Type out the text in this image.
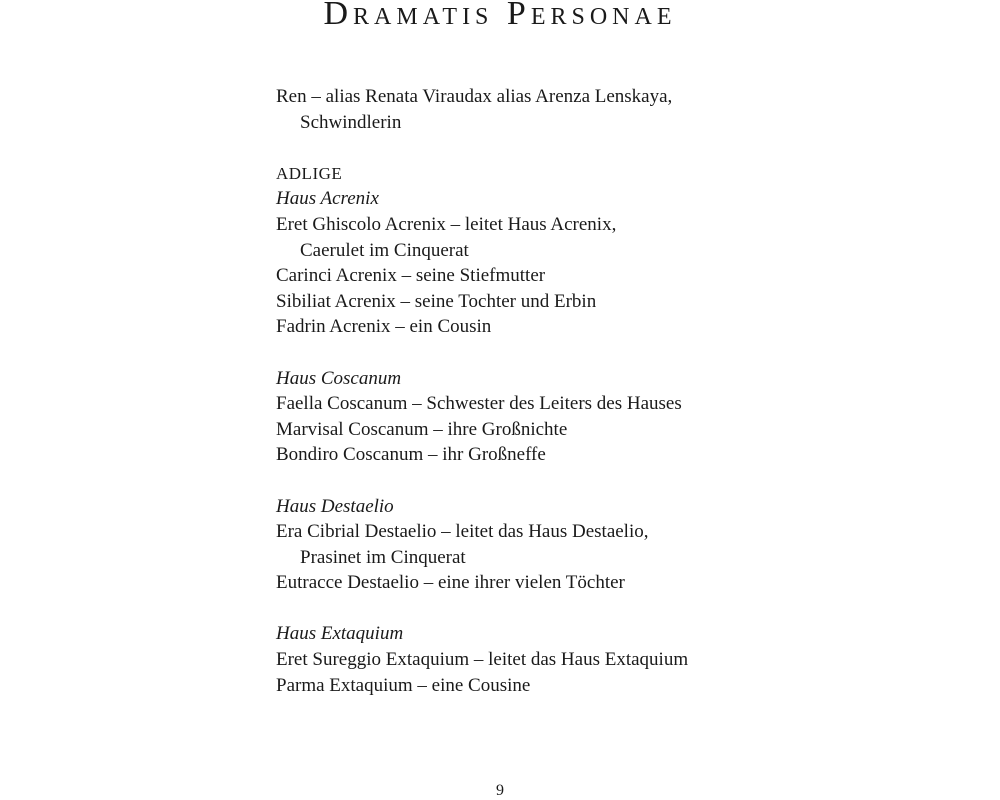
Dramatis Personae
Ren – alias Renata Viraudax alias Arenza Lenskaya,
Schwindlerin
ADLIGE
Haus Acrenix
Eret Ghiscolo Acrenix – leitet Haus Acrenix,
Caerulet im Cinquerat
Carinci Acrenix – seine Stiefmutter
Sibiliat Acrenix – seine Tochter und Erbin
Fadrin Acrenix – ein Cousin
Haus Coscanum
Faella Coscanum – Schwester des Leiters des Hauses
Marvisal Coscanum – ihre Großnichte
Bondiro Coscanum – ihr Großneffe
Haus Destaelio
Era Cibrial Destaelio – leitet das Haus Destaelio,
Prasinet im Cinquerat
Eutracce Destaelio – eine ihrer vielen Töchter
Haus Extaquium
Eret Sureggio Extaquium – leitet das Haus Extaquium
Parma Extaquium – eine Cousine
9
